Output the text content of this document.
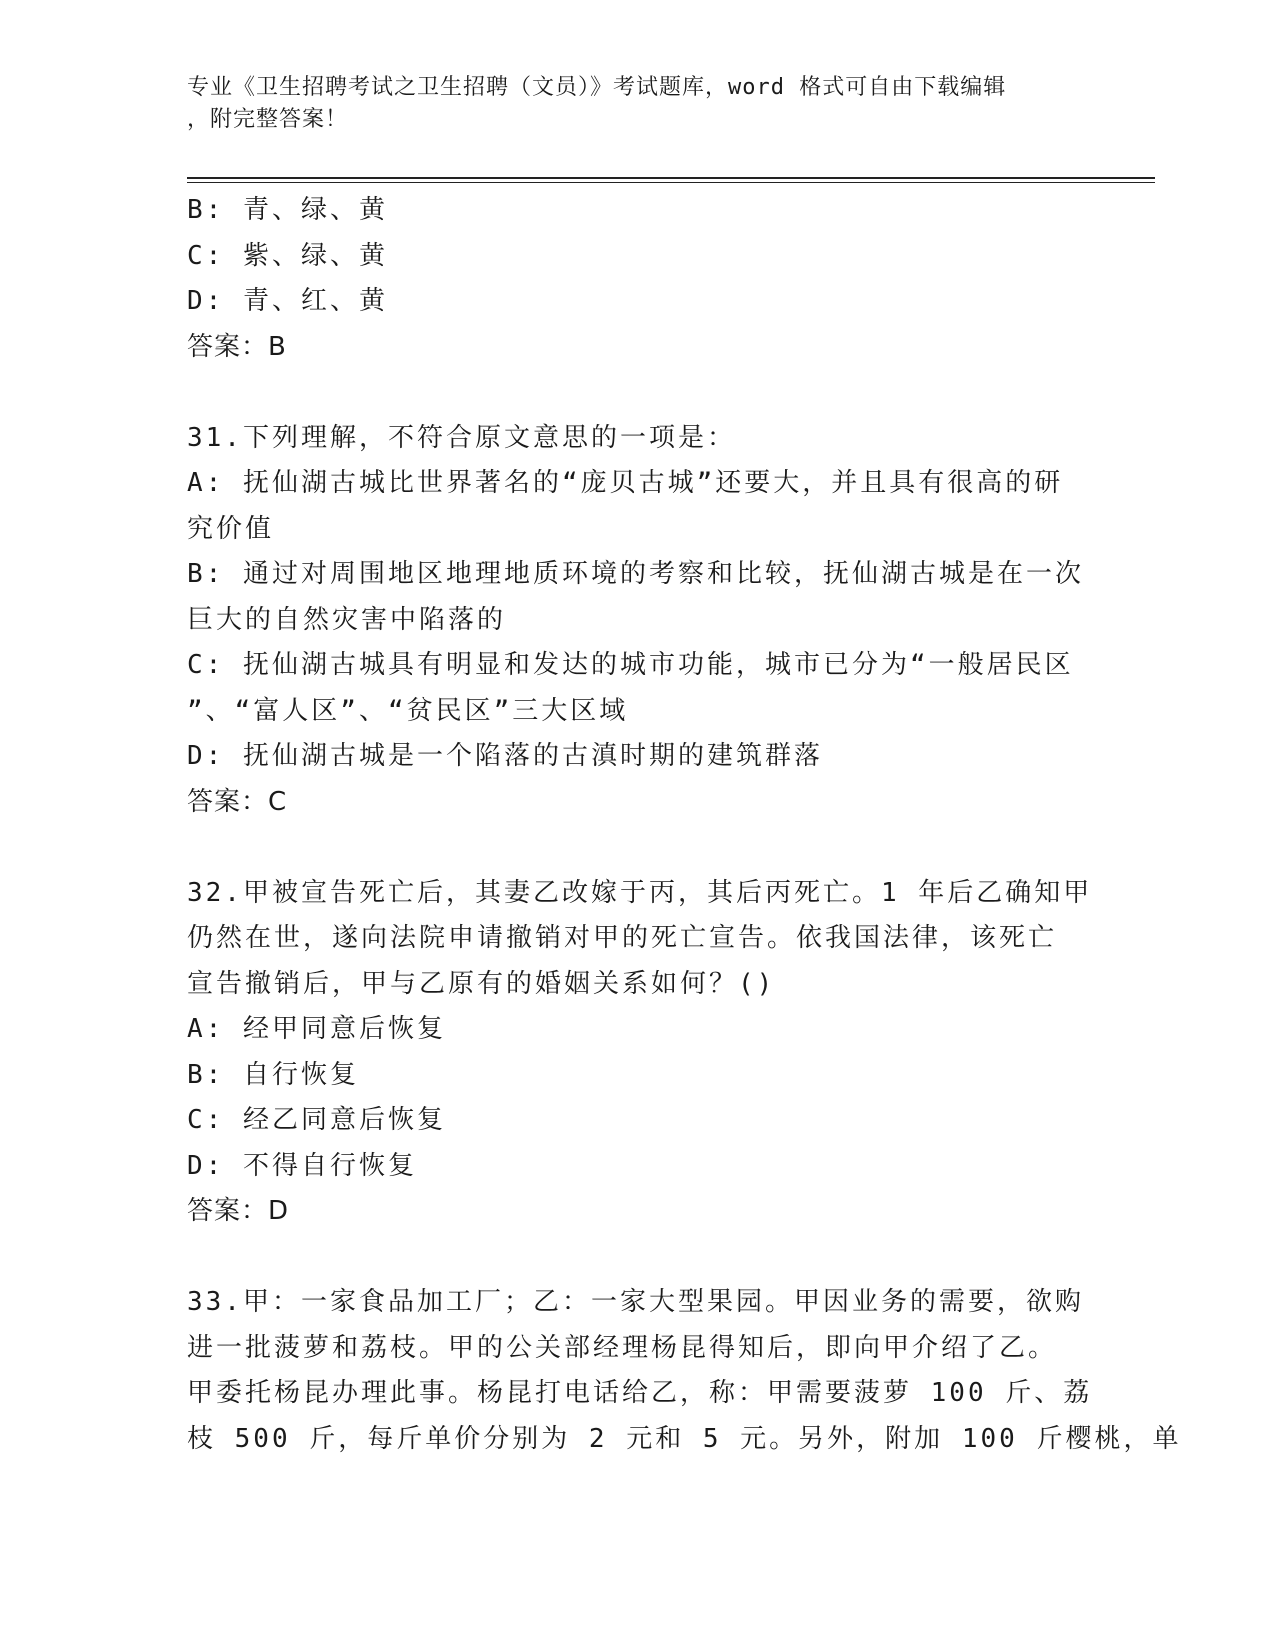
专业《卫生招聘考试之卫生招聘（文员）》考试题库，word 格式可自由下载编辑
，附完整答案！
B: 青、绿、黄
C: 紫、绿、黄
D: 青、红、黄
答案：B
31.下列理解，不符合原文意思的一项是：
A: 抚仙湖古城比世界著名的“庞贝古城”还要大，并且具有很高的研
究价值
B: 通过对周围地区地理地质环境的考察和比较，抚仙湖古城是在一次
巨大的自然灾害中陷落的
C: 抚仙湖古城具有明显和发达的城市功能，城市已分为“一般居民区
”、“富人区”、“贫民区”三大区域
D: 抚仙湖古城是一个陷落的古滇时期的建筑群落
答案：C
32.甲被宣告死亡后，其妻乙改嫁于丙，其后丙死亡。1 年后乙确知甲
仍然在世，遂向法院申请撤销对甲的死亡宣告。依我国法律，该死亡
宣告撤销后，甲与乙原有的婚姻关系如何？()
A: 经甲同意后恢复
B: 自行恢复
C: 经乙同意后恢复
D: 不得自行恢复
答案：D
33.甲：一家食品加工厂；乙：一家大型果园。甲因业务的需要，欲购
进一批菠萝和荔枝。甲的公关部经理杨昆得知后，即向甲介绍了乙。
甲委托杨昆办理此事。杨昆打电话给乙，称：甲需要菠萝 100 斤、荔
枝 500 斤，每斤单价分别为 2 元和 5 元。另外，附加 100 斤樱桃，单
